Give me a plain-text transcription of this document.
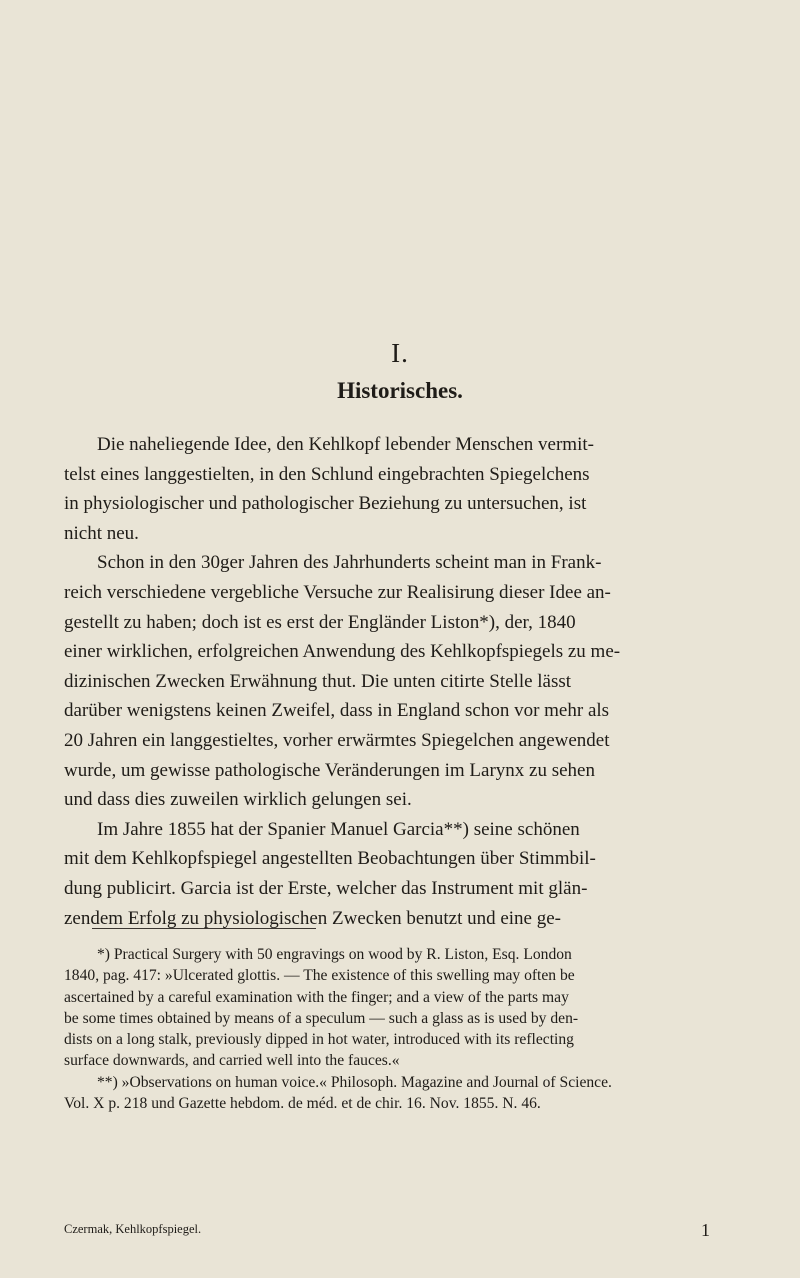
I.
Historisches.
Die naheliegende Idee, den Kehlkopf lebender Menschen vermit-
telst eines langgestielten, in den Schlund eingebrachten Spiegelchens
in physiologischer und pathologischer Beziehung zu untersuchen, ist
nicht neu.
Schon in den 30ger Jahren des Jahrhunderts scheint man in Frank-
reich verschiedene vergebliche Versuche zur Realisirung dieser Idee an-
gestellt zu haben; doch ist es erst der Engländer Liston*), der, 1840
einer wirklichen, erfolgreichen Anwendung des Kehlkopfspiegels zu me-
dizinischen Zwecken Erwähnung thut. Die unten citirte Stelle lässt
darüber wenigstens keinen Zweifel, dass in England schon vor mehr als
20 Jahren ein langgestieltes, vorher erwärmtes Spiegelchen angewendet
wurde, um gewisse pathologische Veränderungen im Larynx zu sehen
und dass dies zuweilen wirklich gelungen sei.
Im Jahre 1855 hat der Spanier Manuel Garcia**) seine schönen
mit dem Kehlkopfspiegel angestellten Beobachtungen über Stimmbil-
dung publicirt. Garcia ist der Erste, welcher das Instrument mit glän-
zendem Erfolg zu physiologischen Zwecken benutzt und eine ge-
*) Practical Surgery with 50 engravings on wood by R. Liston, Esq. London
1840, pag. 417: »Ulcerated glottis. — The existence of this swelling may often be
ascertained by a careful examination with the finger; and a view of the parts may
be some times obtained by means of a speculum — such a glass as is used by den-
dists on a long stalk, previously dipped in hot water, introduced with its reflecting
surface downwards, and carried well into the fauces.«
**) »Observations on human voice.« Philosoph. Magazine and Journal of Science.
Vol. X p. 218 und Gazette hebdom. de méd. et de chir. 16. Nov. 1855. N. 46.
Czermak, Kehlkopfspiegel.	1
